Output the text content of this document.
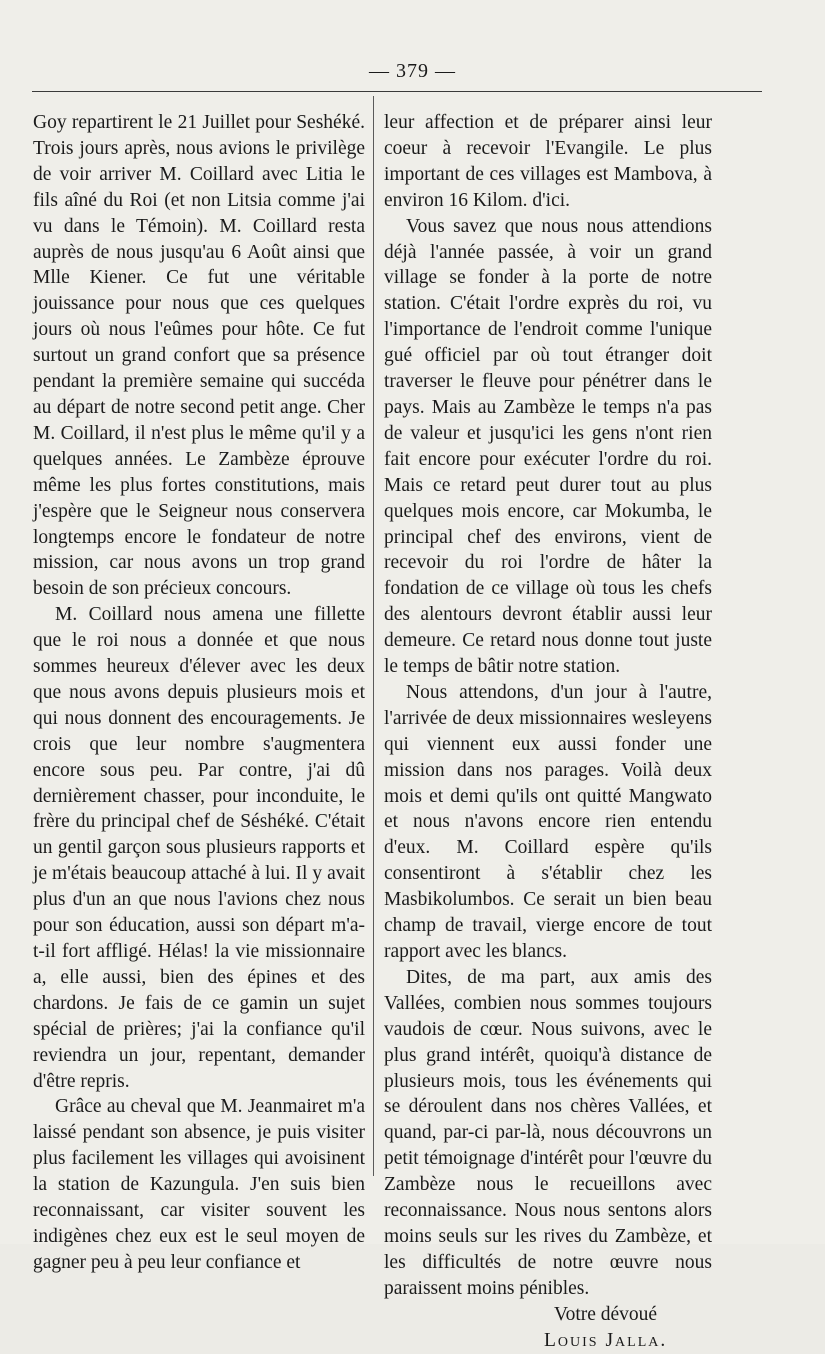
— 379 —

Goy repartirent le 21 Juillet pour Seshéké. Trois jours après, nous avions le privilège de voir arriver M. Coillard avec Litia le fils aîné du Roi (et non Litsia comme j'ai vu dans le Témoin). M. Coillard resta auprès de nous jusqu'au 6 Août ainsi que Mlle Kiener. Ce fut une véritable jouissance pour nous que ces quelques jours où nous l'eûmes pour hôte. Ce fut surtout un grand confort que sa présence pendant la première semaine qui succéda au départ de notre second petit ange. Cher M. Coillard, il n'est plus le même qu'il y a quelques années. Le Zambèze éprouve même les plus fortes constitutions, mais j'espère que le Seigneur nous conservera longtemps encore le fondateur de notre mission, car nous avons un trop grand besoin de son précieux concours.

M. Coillard nous amena une fillette que le roi nous a donnée et que nous sommes heureux d'élever avec les deux que nous avons depuis plusieurs mois et qui nous donnent des encouragements. Je crois que leur nombre s'augmentera encore sous peu. Par contre, j'ai dû dernièrement chasser, pour inconduite, le frère du principal chef de Séshéké. C'était un gentil garçon sous plusieurs rapports et je m'étais beaucoup attaché à lui. Il y avait plus d'un an que nous l'avions chez nous pour son éducation, aussi son départ m'a-t-il fort affligé. Hélas! la vie missionnaire a, elle aussi, bien des épines et des chardons. Je fais de ce gamin un sujet spécial de prières; j'ai la confiance qu'il reviendra un jour, repentant, demander d'être repris.

Grâce au cheval que M. Jeanmairet m'a laissé pendant son absence, je puis visiter plus facilement les villages qui avoisinent la station de Kazungula. J'en suis bien reconnaissant, car visiter souvent les indigènes chez eux est le seul moyen de gagner peu à peu leur confiance et

leur affection et de préparer ainsi leur coeur à recevoir l'Evangile. Le plus important de ces villages est Mambova, à environ 16 Kilom. d'ici.

Vous savez que nous nous attendions déjà l'année passée, à voir un grand village se fonder à la porte de notre station. C'était l'ordre exprès du roi, vu l'importance de l'endroit comme l'unique gué officiel par où tout étranger doit traverser le fleuve pour pénétrer dans le pays. Mais au Zambèze le temps n'a pas de valeur et jusqu'ici les gens n'ont rien fait encore pour exécuter l'ordre du roi. Mais ce retard peut durer tout au plus quelques mois encore, car Mokumba, le principal chef des environs, vient de recevoir du roi l'ordre de hâter la fondation de ce village où tous les chefs des alentours devront établir aussi leur demeure. Ce retard nous donne tout juste le temps de bâtir notre station.

Nous attendons, d'un jour à l'autre, l'arrivée de deux missionnaires wesleyens qui viennent eux aussi fonder une mission dans nos parages. Voilà deux mois et demi qu'ils ont quitté Mangwato et nous n'avons encore rien entendu d'eux. M. Coillard espère qu'ils consentiront à s'établir chez les Masbikolumbos. Ce serait un bien beau champ de travail, vierge encore de tout rapport avec les blancs.

Dites, de ma part, aux amis des Vallées, combien nous sommes toujours vaudois de cœur. Nous suivons, avec le plus grand intérêt, quoiqu'à distance de plusieurs mois, tous les événements qui se déroulent dans nos chères Vallées, et quand, par-ci par-là, nous découvrons un petit témoignage d'intérêt pour l'œuvre du Zambèze nous le recueillons avec reconnaissance. Nous nous sentons alors moins seuls sur les rives du Zambèze, et les difficultés de notre œuvre nous paraissent moins pénibles.

Votre dévoué

Louis Jalla.
